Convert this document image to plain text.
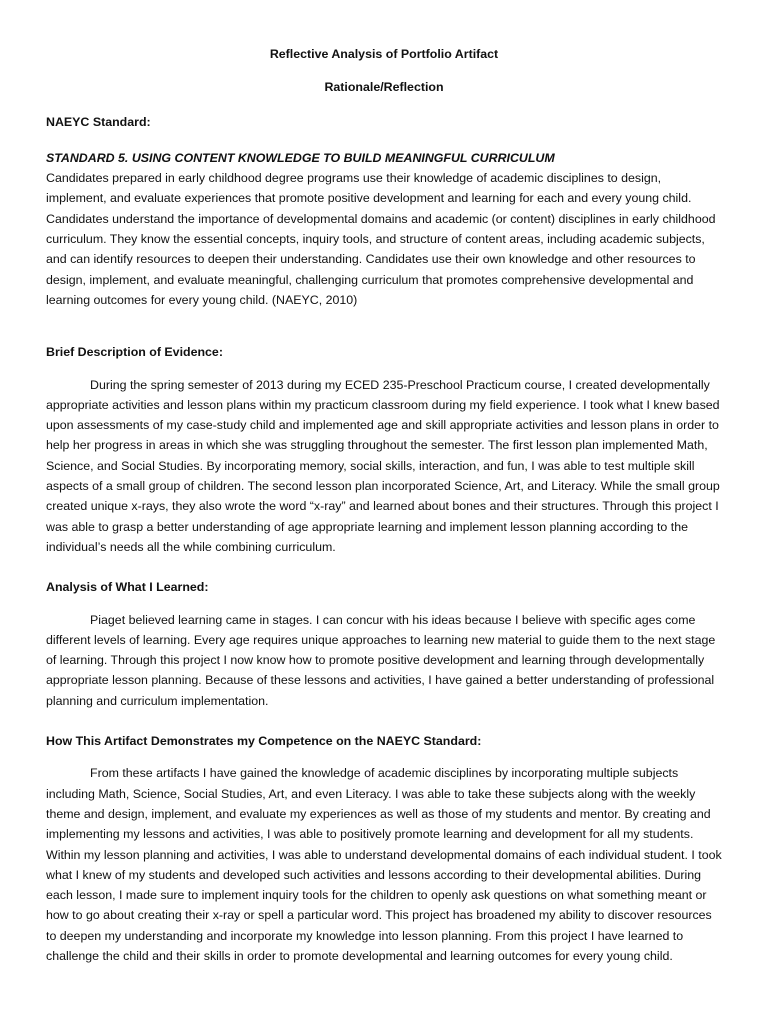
Reflective Analysis of Portfolio Artifact

Rationale/Reflection

NAEYC Standard:

STANDARD 5. USING CONTENT KNOWLEDGE TO BUILD MEANINGFUL CURRICULUM

Candidates prepared in early childhood degree programs use their knowledge of academic disciplines to design, implement, and evaluate experiences that promote positive development and learning for each and every young child. Candidates understand the importance of developmental domains and academic (or content) disciplines in early childhood curriculum. They know the essential concepts, inquiry tools, and structure of content areas, including academic subjects, and can identify resources to deepen their understanding. Candidates use their own knowledge and other resources to design, implement, and evaluate meaningful, challenging curriculum that promotes comprehensive developmental and learning outcomes for every young child. (NAEYC, 2010)

Brief Description of Evidence:

During the spring semester of 2013 during my ECED 235-Preschool Practicum course, I created developmentally appropriate activities and lesson plans within my practicum classroom during my field experience. I took what I knew based upon assessments of my case-study child and implemented age and skill appropriate activities and lesson plans in order to help her progress in areas in which she was struggling throughout the semester. The first lesson plan implemented Math, Science, and Social Studies. By incorporating memory, social skills, interaction, and fun, I was able to test multiple skill aspects of a small group of children. The second lesson plan incorporated Science, Art, and Literacy. While the small group created unique x-rays, they also wrote the word “x-ray” and learned about bones and their structures. Through this project I was able to grasp a better understanding of age appropriate learning and implement lesson planning according to the individual’s needs all the while combining curriculum.

Analysis of What I Learned:

Piaget believed learning came in stages. I can concur with his ideas because I believe with specific ages come different levels of learning. Every age requires unique approaches to learning new material to guide them to the next stage of learning. Through this project I now know how to promote positive development and learning through developmentally appropriate lesson planning. Because of these lessons and activities, I have gained a better understanding of professional planning and curriculum implementation.

How This Artifact Demonstrates my Competence on the NAEYC Standard:

From these artifacts I have gained the knowledge of academic disciplines by incorporating multiple subjects including Math, Science, Social Studies, Art, and even Literacy. I was able to take these subjects along with the weekly theme and design, implement, and evaluate my experiences as well as those of my students and mentor. By creating and implementing my lessons and activities, I was able to positively promote learning and development for all my students. Within my lesson planning and activities, I was able to understand developmental domains of each individual student. I took what I knew of my students and developed such activities and lessons according to their developmental abilities. During each lesson, I made sure to implement inquiry tools for the children to openly ask questions on what something meant or how to go about creating their x-ray or spell a particular word. This project has broadened my ability to discover resources to deepen my understanding and incorporate my knowledge into lesson planning. From this project I have learned to challenge the child and their skills in order to promote developmental and learning outcomes for every young child.
